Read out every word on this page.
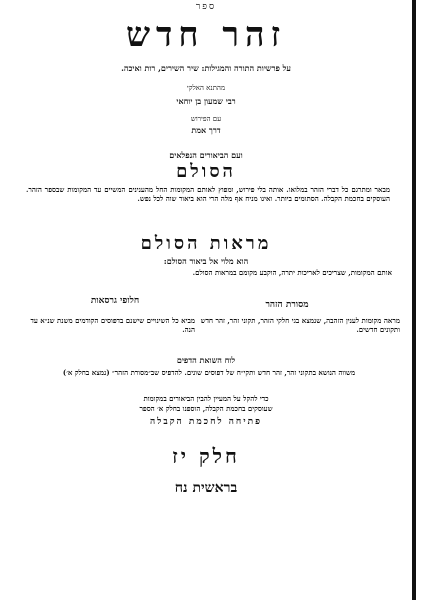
ספר
זהר חדש
על פרשיות התורה והמגילות: שיר השירים, רות ואיכה.
מהתנא האלקי
רבי שמעון בן יוחאי
עם הפירוש
דרך אמת
ועם הביאורים הנפלאים
הסולם
מבאר ומתרגם כל דברי הזהר במלואו. אותה בלי פירוש, ומפוץ לאותם המקומות החל מהענינים המשיים עד המקומות שבספר הזהר. העוסקים בחכמת הקבלה. הסתומים ביותר. ואינו מניח אף מלה הרי הוא ביאור שוה לכל נפש.
מראות הסולם
הוא מלוי אל ביאור הסולם:
אותם המקומות, שצריכים לאריכות יתרה, הוקבע מקומם במראות הסולם.
מסורת הזהר
מראה מקומות לענין הזהבה, שנמצא בגי חלקי הזהר, תקוני זהר, זהר חדש ותקונים חדשים.
חלופי גרסאות
מביא כל השינויים שישנם בדפוסים הקודמים משנת שנ״א עד הנה.
לוח השואת הדפים
משווה הנושא בתקוני זהר, זהר חדש ותקי״ח של דפוסים שונים. להדפיס שב״מסורת הזהר״ (נמצא בחלק א׳)
כדי להקל על המעיין להבין הביאורים במקומות
שעוסקים בחכמת הקבלה, הוספנו בחלק א׳ הספר
פתיחה לחכמת הקבלה
חלק יז
בראשית נח
